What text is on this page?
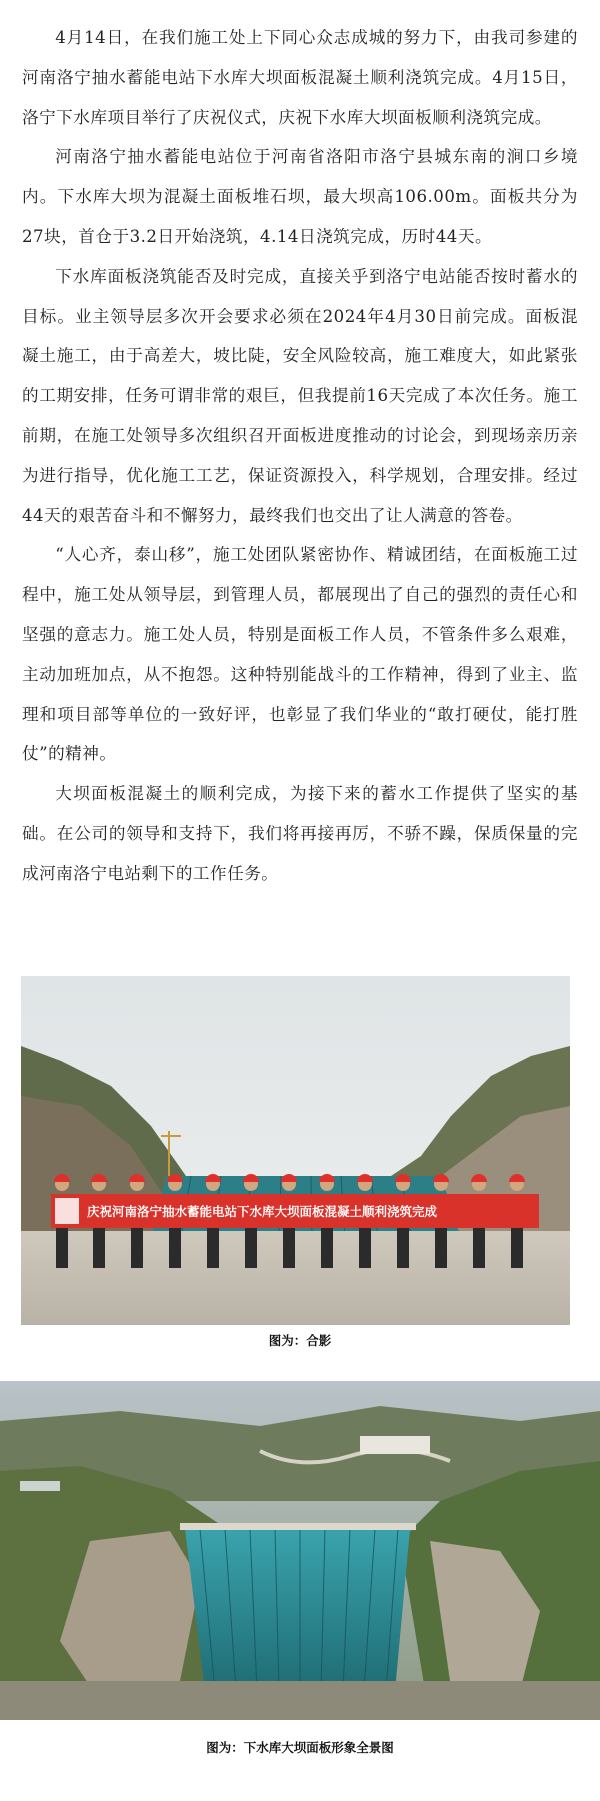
4月14日，在我们施工处上下同心众志成城的努力下，由我司参建的河南洛宁抽水蓄能电站下水库大坝面板混凝土顺利浇筑完成。4月15日，洛宁下水库项目举行了庆祝仪式，庆祝下水库大坝面板顺利浇筑完成。

河南洛宁抽水蓄能电站位于河南省洛阳市洛宁县城东南的涧口乡境内。下水库大坝为混凝土面板堆石坝，最大坝高106.00m。面板共分为27块，首仓于3.2日开始浇筑，4.14日浇筑完成，历时44天。

下水库面板浇筑能否及时完成，直接关乎到洛宁电站能否按时蓄水的目标。业主领导层多次开会要求必须在2024年4月30日前完成。面板混凝土施工，由于高差大，坡比陡，安全风险较高，施工难度大，如此紧张的工期安排，任务可谓非常的艰巨，但我提前16天完成了本次任务。施工前期，在施工处领导多次组织召开面板进度推动的讨论会，到现场亲历亲为进行指导，优化施工工艺，保证资源投入，科学规划，合理安排。经过44天的艰苦奋斗和不懈努力，最终我们也交出了让人满意的答卷。

“人心齐，泰山移”，施工处团队紧密协作、精诚团结，在面板施工过程中，施工处从领导层，到管理人员，都展现出了自己的强烈的责任心和坚强的意志力。施工处人员，特别是面板工作人员，不管条件多么艰难，主动加班加点，从不抱怨。这种特别能战斗的工作精神，得到了业主、监理和项目部等单位的一致好评，也彰显了我们华业的“敢打硬仗，能打胜仗”的精神。

大坝面板混凝土的顺利完成，为接下来的蓄水工作提供了坚实的基础。在公司的领导和支持下，我们将再接再厉，不骄不躁，保质保量的完成河南洛宁电站剩下的工作任务。

庆祝河南洛宁抽水蓄能电站下水库大坝面板混凝土顺利浇筑完成
图为：合影
图为：下水库大坝面板形象全景图
